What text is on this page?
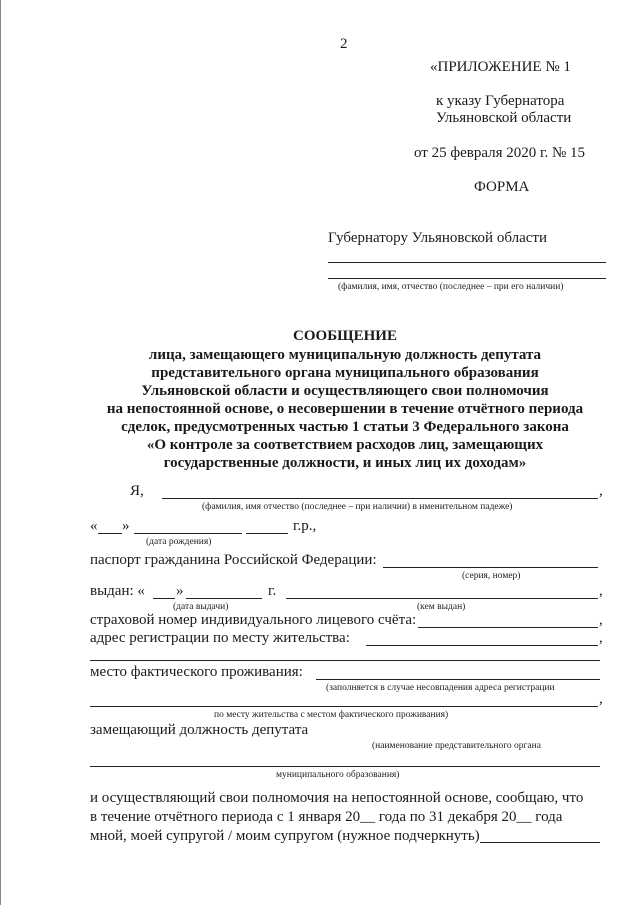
2
«ПРИЛОЖЕНИЕ № 1
к указу Губернатора
Ульяновской области
от 25 февраля 2020 г. № 15
ФОРМА
Губернатору Ульяновской области
(фамилия, имя, отчество (последнее – при его наличии)
СООБЩЕНИЕ
лица, замещающего муниципальную должность депутата
представительного органа муниципального образования
Ульяновской области и осуществляющего свои полномочия
на непостоянной основе, о несовершении в течение отчётного периода
сделок, предусмотренных частью 1 статьи 3 Федерального закона
«О контроле за соответствием расходов лиц, замещающих
государственные должности, и иных лиц их доходам»
Я,	,
(фамилия, имя отчество (последнее – при наличии) в именительном падеже)
« »	г.р.,
(дата рождения)
паспорт гражданина Российской Федерации:
(серия, номер)
выдан: « »	г.	,
(дата выдачи)	(кем выдан)
страховой номер индивидуального лицевого счёта:	,
адрес регистрации по месту жительства:	,
место фактического проживания:
(заполняется в случае несовпадения адреса регистрации
,
по месту жительства с местом фактического проживания)
замещающий должность депутата
(наименование представительного органа
муниципального образования)
и осуществляющий свои полномочия на непостоянной основе, сообщаю, что
в течение отчётного периода с 1 января 20__ года по 31 декабря 20__ года
мной, моей супругой / моим супругом (нужное подчеркнуть)
